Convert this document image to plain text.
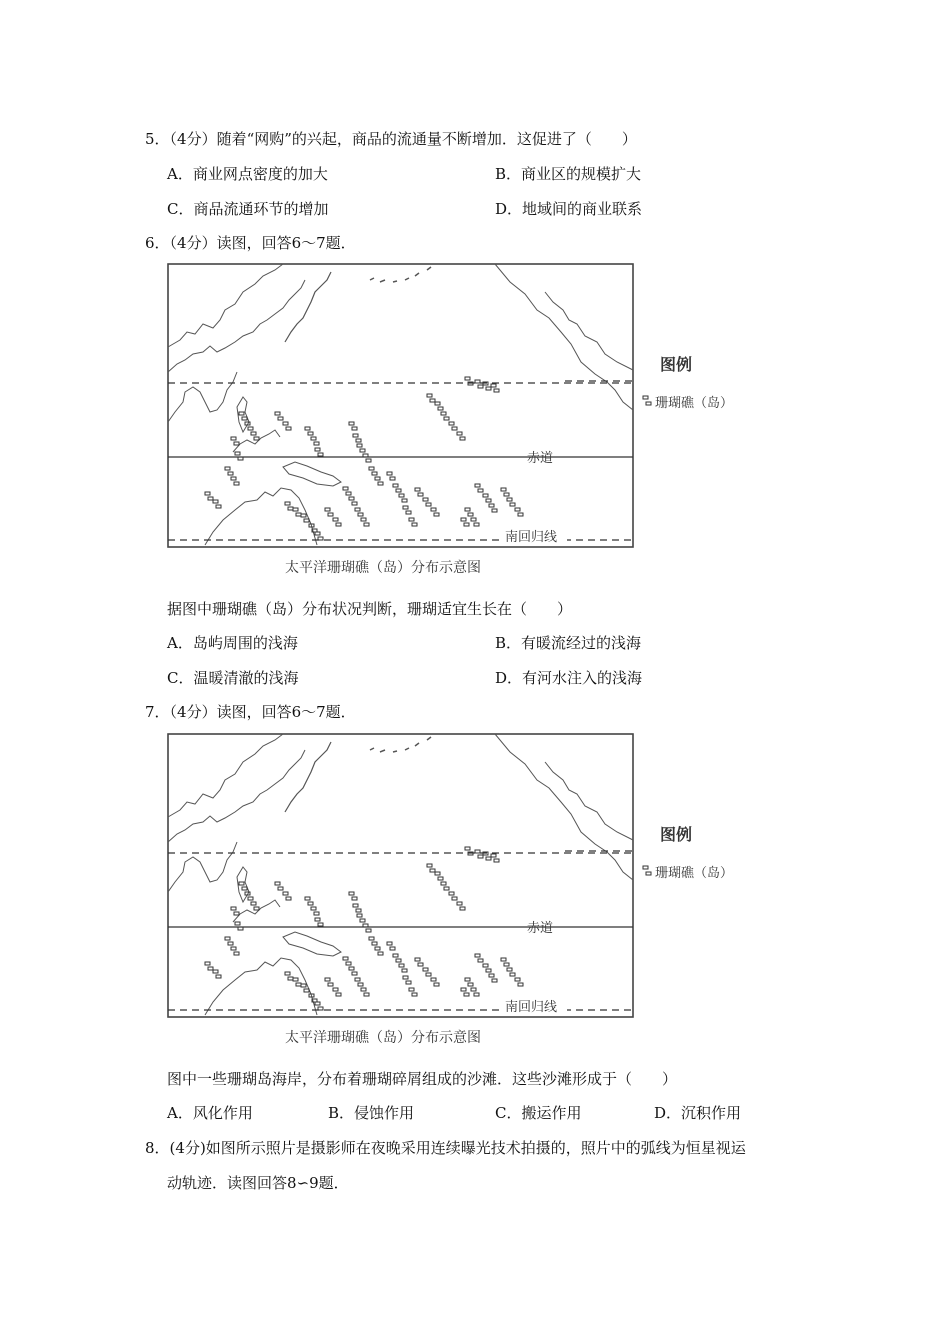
5．（4分）随着“网购”的兴起，商品的流通量不断增加．这促进了（　　）
A．商业网点密度的加大	B．商业区的规模扩大
C．商品流通环节的增加	D．地域间的商业联系
6．（4分）读图，回答6～7题．
赤道
南回归线
图例
珊瑚礁（岛）
太平洋珊瑚礁（岛）分布示意图
据图中珊瑚礁（岛）分布状况判断，珊瑚适宜生长在（　　）
A．岛屿周围的浅海	B．有暖流经过的浅海
C．温暖清澈的浅海	D．有河水注入的浅海
7．（4分）读图，回答6～7题．
赤道
南回归线
图例
珊瑚礁（岛）
太平洋珊瑚礁（岛）分布示意图
图中一些珊瑚岛海岸，分布着珊瑚碎屑组成的沙滩．这些沙滩形成于（　　）
A．风化作用	B．侵蚀作用	C．搬运作用	D．沉积作用
8．(4分)如图所示照片是摄影师在夜晚采用连续曝光技术拍摄的，照片中的弧线为恒星视运
动轨迹．读图回答8∽9题．
